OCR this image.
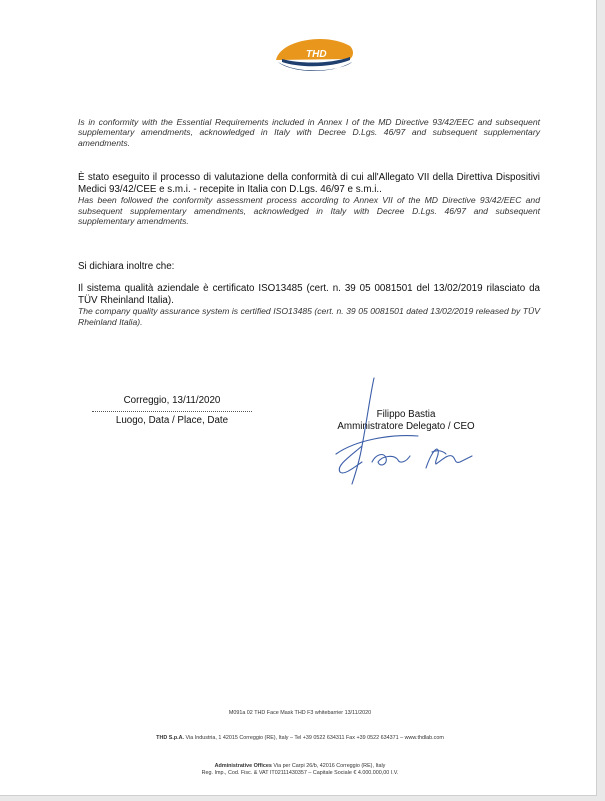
THD
Is in conformity with the Essential Requirements included in Annex I of the MD Directive 93/42/EEC and subsequent supplementary amendments, acknowledged in Italy with Decree D.Lgs. 46/97 and subsequent supplementary amendments.
È stato eseguito il processo di valutazione della conformità di cui all'Allegato VII della Direttiva Dispositivi Medici 93/42/CEE e s.m.i. - recepite in Italia con D.Lgs. 46/97 e s.m.i..
Has been followed the conformity assessment process according to Annex VII of the MD Directive 93/42/EEC and subsequent supplementary amendments, acknowledged in Italy with Decree D.Lgs. 46/97 and subsequent supplementary amendments.
Si dichiara inoltre che:
Il sistema qualità aziendale è certificato ISO13485 (cert. n. 39 05 0081501 del 13/02/2019 rilasciato da TÜV Rheinland Italia).
The company quality assurance system is certified ISO13485 (cert. n. 39 05 0081501 dated 13/02/2019 released by TÜV Rheinland Italia).
Correggio, 13/11/2020
Luogo, Data / Place, Date
Filippo Bastia
Amministratore Delegato / CEO
M091a 02 THD Face Mask THD F3 whitebarrier 13/11/2020
THD S.p.A. Via Industria, 1 42015 Correggio (RE), Italy – Tel +39 0522 634311 Fax +39 0522 634371 – www.thdlab.com
Administrative Offices Via per Carpi 26/b, 42016 Correggio (RE), Italy
Reg. Imp., Cod. Fisc. & VAT IT02111430357 – Capitale Sociale € 4.000.000,00 I.V.
